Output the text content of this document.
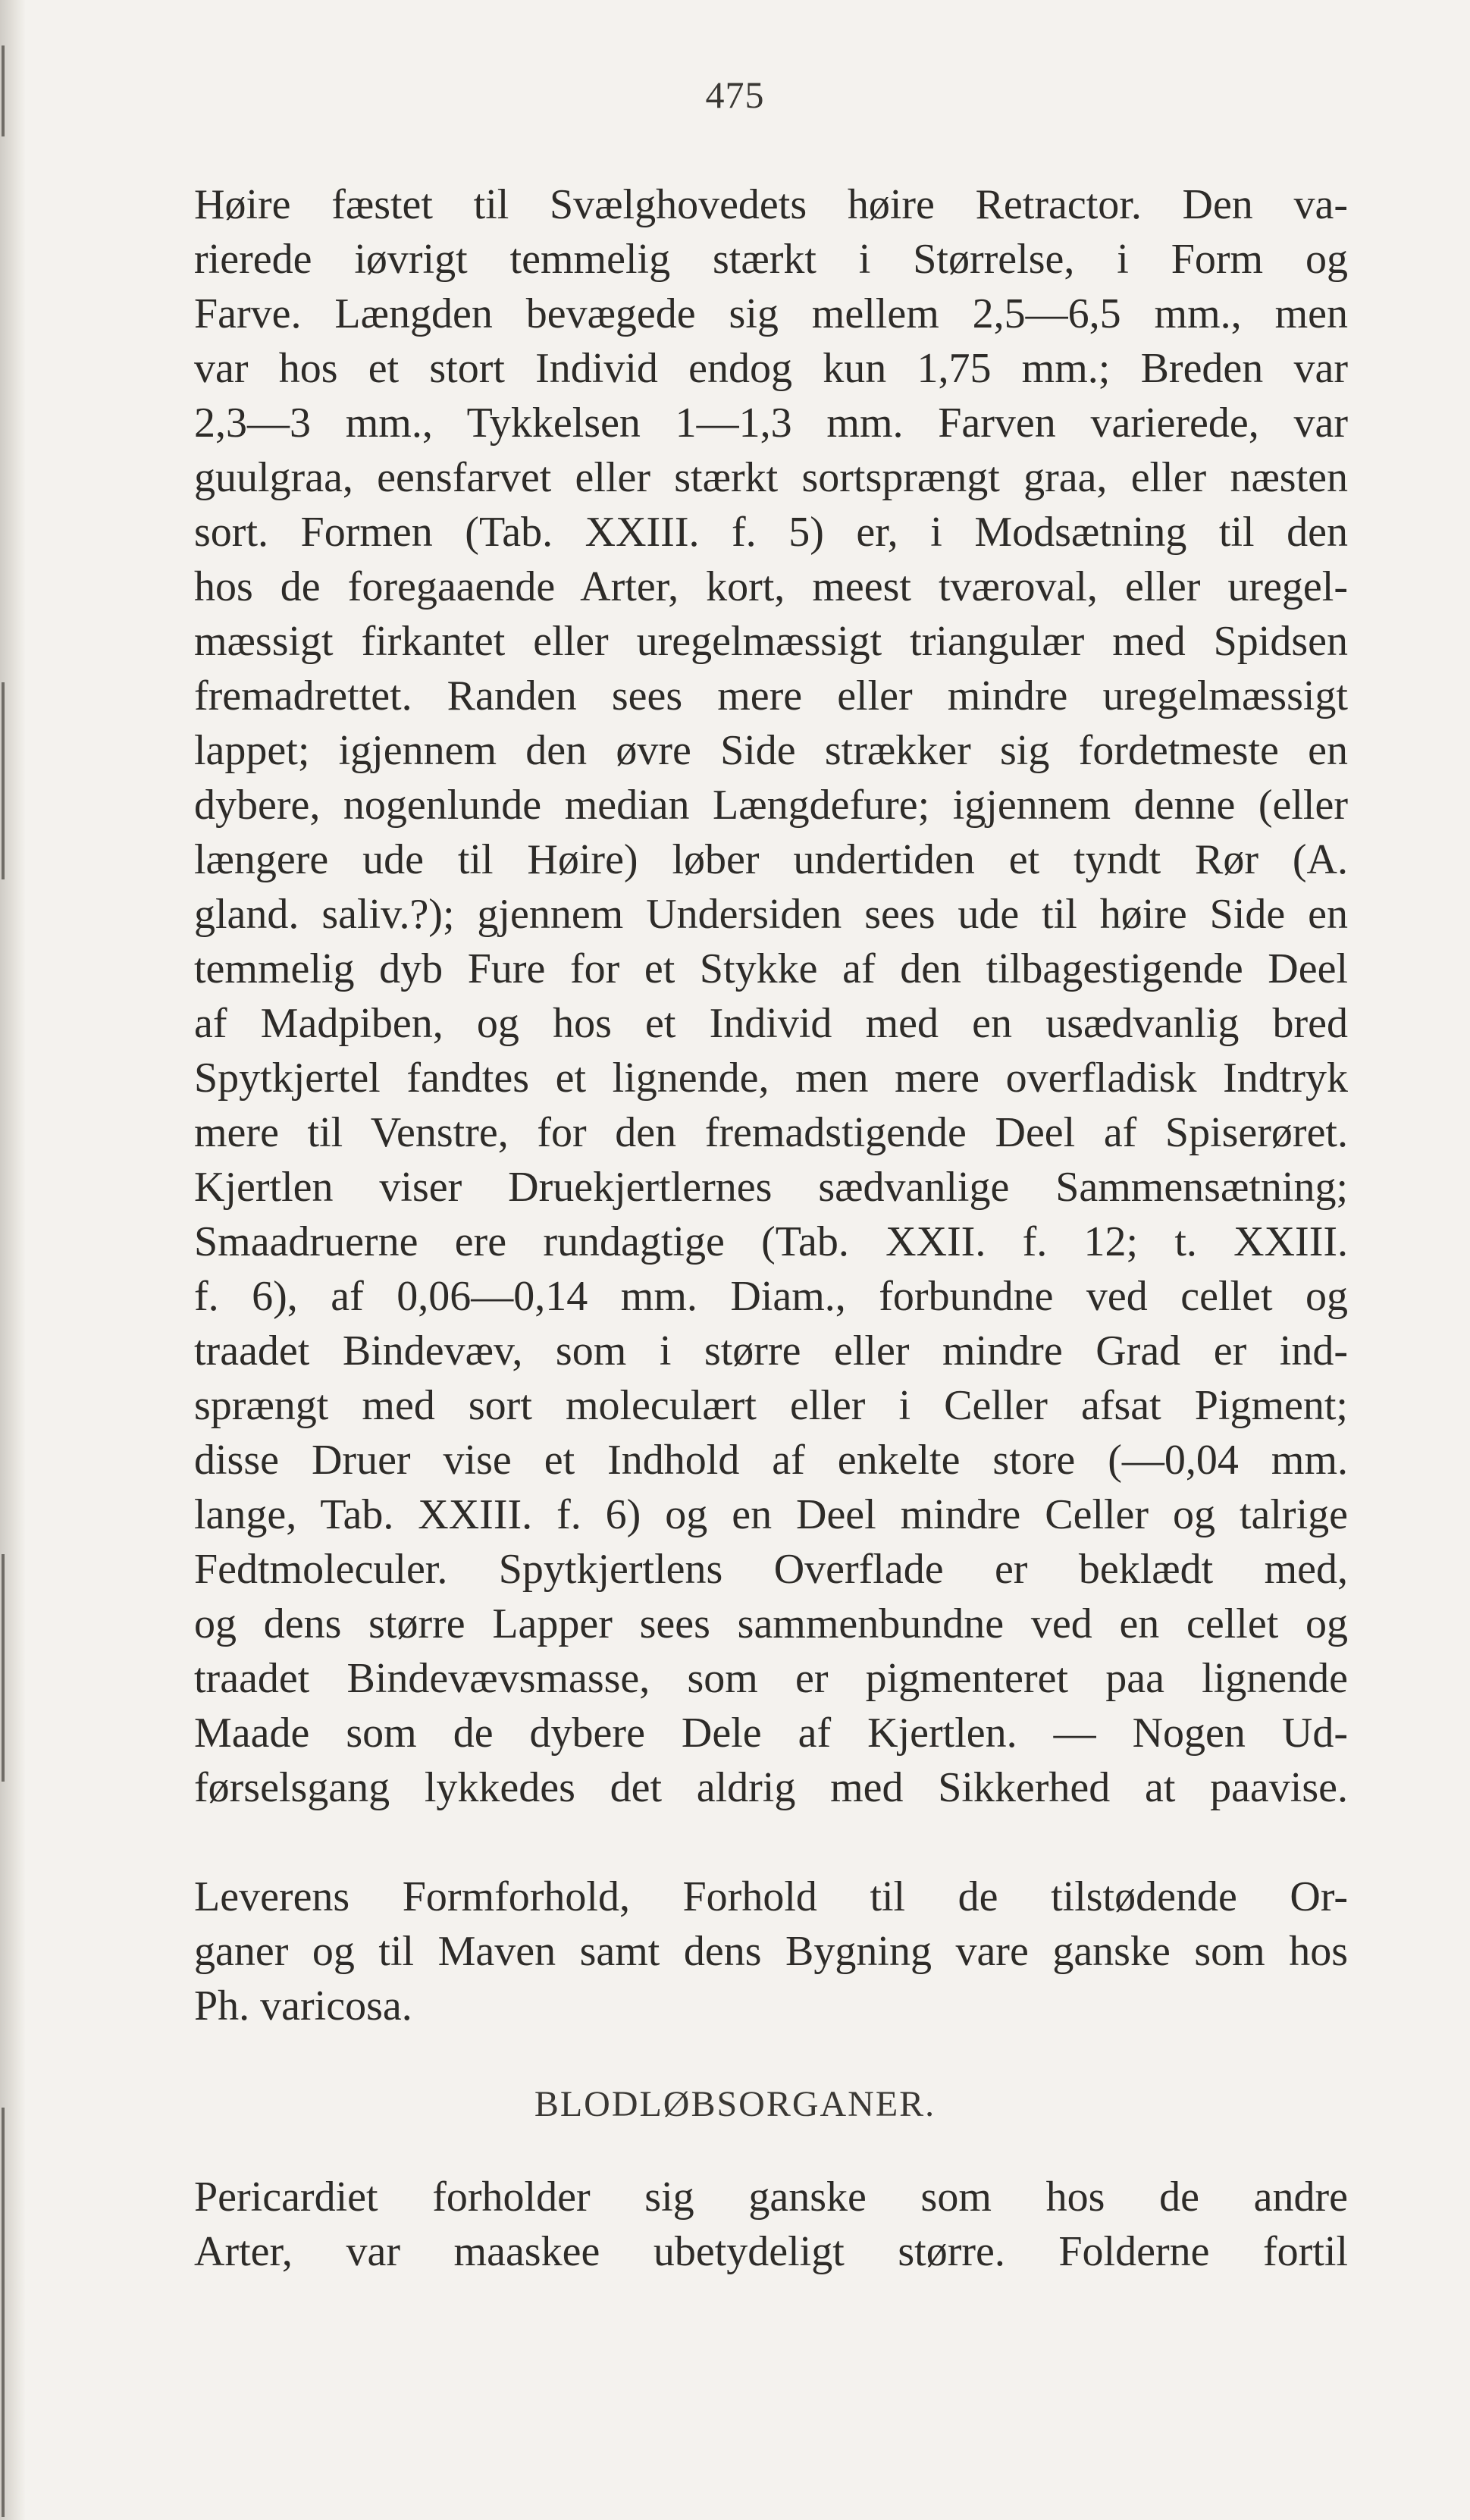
475
Høire fæstet til Svælghovedets høire Retractor. Den va-
rierede iøvrigt temmelig stærkt i Størrelse, i Form og
Farve. Længden bevægede sig mellem 2,5—6,5 mm., men
var hos et stort Individ endog kun 1,75 mm.; Breden var
2,3—3 mm., Tykkelsen 1—1,3 mm. Farven varierede, var
guulgraa, eensfarvet eller stærkt sortsprængt graa, eller næsten
sort. Formen (Tab. XXIII. f. 5) er, i Modsætning til den
hos de foregaaende Arter, kort, meest tværoval, eller uregel-
mæssigt firkantet eller uregelmæssigt triangulær med Spidsen
fremadrettet. Randen sees mere eller mindre uregelmæssigt
lappet; igjennem den øvre Side strækker sig fordetmeste en
dybere, nogenlunde median Længdefure; igjennem denne (eller
længere ude til Høire) løber undertiden et tyndt Rør (A.
gland. saliv.?); gjennem Undersiden sees ude til høire Side en
temmelig dyb Fure for et Stykke af den tilbagestigende Deel
af Madpiben, og hos et Individ med en usædvanlig bred
Spytkjertel fandtes et lignende, men mere overfladisk Indtryk
mere til Venstre, for den fremadstigende Deel af Spiserøret.
Kjertlen viser Druekjertlernes sædvanlige Sammensætning;
Smaadruerne ere rundagtige (Tab. XXII. f. 12; t. XXIII.
f. 6), af 0,06—0,14 mm. Diam., forbundne ved cellet og
traadet Bindevæv, som i større eller mindre Grad er ind-
sprængt med sort moleculært eller i Celler afsat Pigment;
disse Druer vise et Indhold af enkelte store (—0,04 mm.
lange, Tab. XXIII. f. 6) og en Deel mindre Celler og talrige
Fedtmoleculer. Spytkjertlens Overflade er beklædt med,
og dens større Lapper sees sammenbundne ved en cellet og
traadet Bindevævsmasse, som er pigmenteret paa lignende
Maade som de dybere Dele af Kjertlen. — Nogen Ud-
førselsgang lykkedes det aldrig med Sikkerhed at paavise.
Leverens Formforhold, Forhold til de tilstødende Or-
ganer og til Maven samt dens Bygning vare ganske som hos
Ph. varicosa.
BLODLØBSORGANER.
Pericardiet forholder sig ganske som hos de andre
Arter, var maaskee ubetydeligt større. Folderne fortil
